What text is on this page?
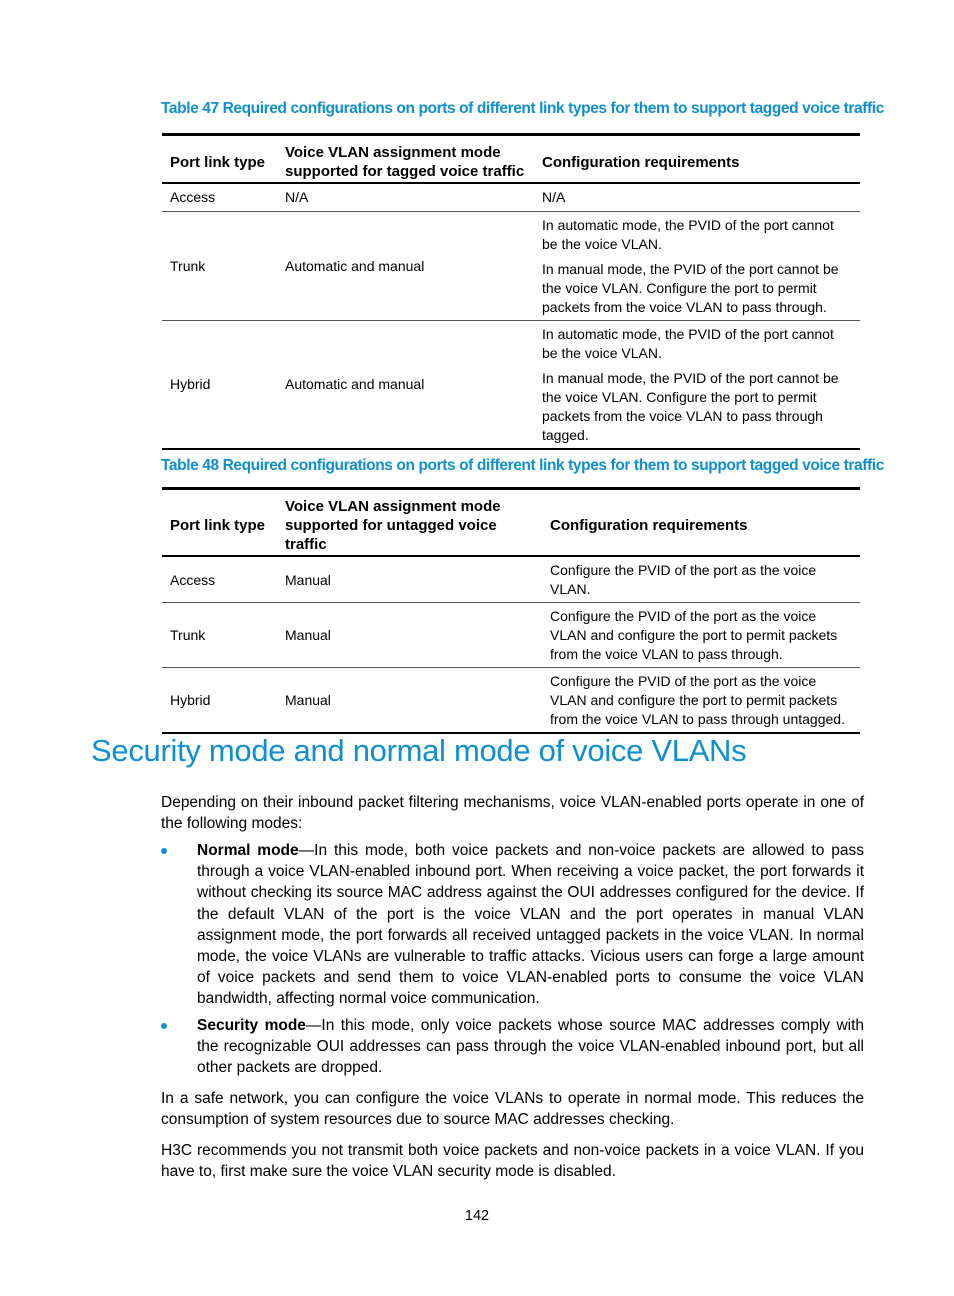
Table 47 Required configurations on ports of different link types for them to support tagged voice traffic
Port link type	Voice VLAN assignment mode supported for tagged voice traffic	Configuration requirements
Access	N/A	N/A

Trunk	Automatic and manual	In automatic mode, the PVID of the port cannot be the voice VLAN.

In manual mode, the PVID of the port cannot be the voice VLAN. Configure the port to permit packets from the voice VLAN to pass through.

Hybrid	Automatic and manual	In automatic mode, the PVID of the port cannot be the voice VLAN.

In manual mode, the PVID of the port cannot be the voice VLAN. Configure the port to permit packets from the voice VLAN to pass through tagged.

Table 48 Required configurations on ports of different link types for them to support tagged voice traffic
Port link type	Voice VLAN assignment mode supported for untagged voice traffic	Configuration requirements
Access	Manual	Configure the PVID of the port as the voice VLAN.
Trunk	Manual	Configure the PVID of the port as the voice VLAN and configure the port to permit packets from the voice VLAN to pass through.
Hybrid	Manual	Configure the PVID of the port as the voice VLAN and configure the port to permit packets from the voice VLAN to pass through untagged.
Security mode and normal mode of voice VLANs
Depending on their inbound packet filtering mechanisms, voice VLAN-enabled ports operate in one of the following modes:
Normal mode—In this mode, both voice packets and non-voice packets are allowed to pass through a voice VLAN-enabled inbound port. When receiving a voice packet, the port forwards it without checking its source MAC address against the OUI addresses configured for the device. If the default VLAN of the port is the voice VLAN and the port operates in manual VLAN assignment mode, the port forwards all received untagged packets in the voice VLAN. In normal mode, the voice VLANs are vulnerable to traffic attacks. Vicious users can forge a large amount of voice packets and send them to voice VLAN-enabled ports to consume the voice VLAN bandwidth, affecting normal voice communication.
Security mode—In this mode, only voice packets whose source MAC addresses comply with the recognizable OUI addresses can pass through the voice VLAN-enabled inbound port, but all other packets are dropped.
In a safe network, you can configure the voice VLANs to operate in normal mode. This reduces the consumption of system resources due to source MAC addresses checking.
H3C recommends you not transmit both voice packets and non-voice packets in a voice VLAN. If you have to, first make sure the voice VLAN security mode is disabled.
142
